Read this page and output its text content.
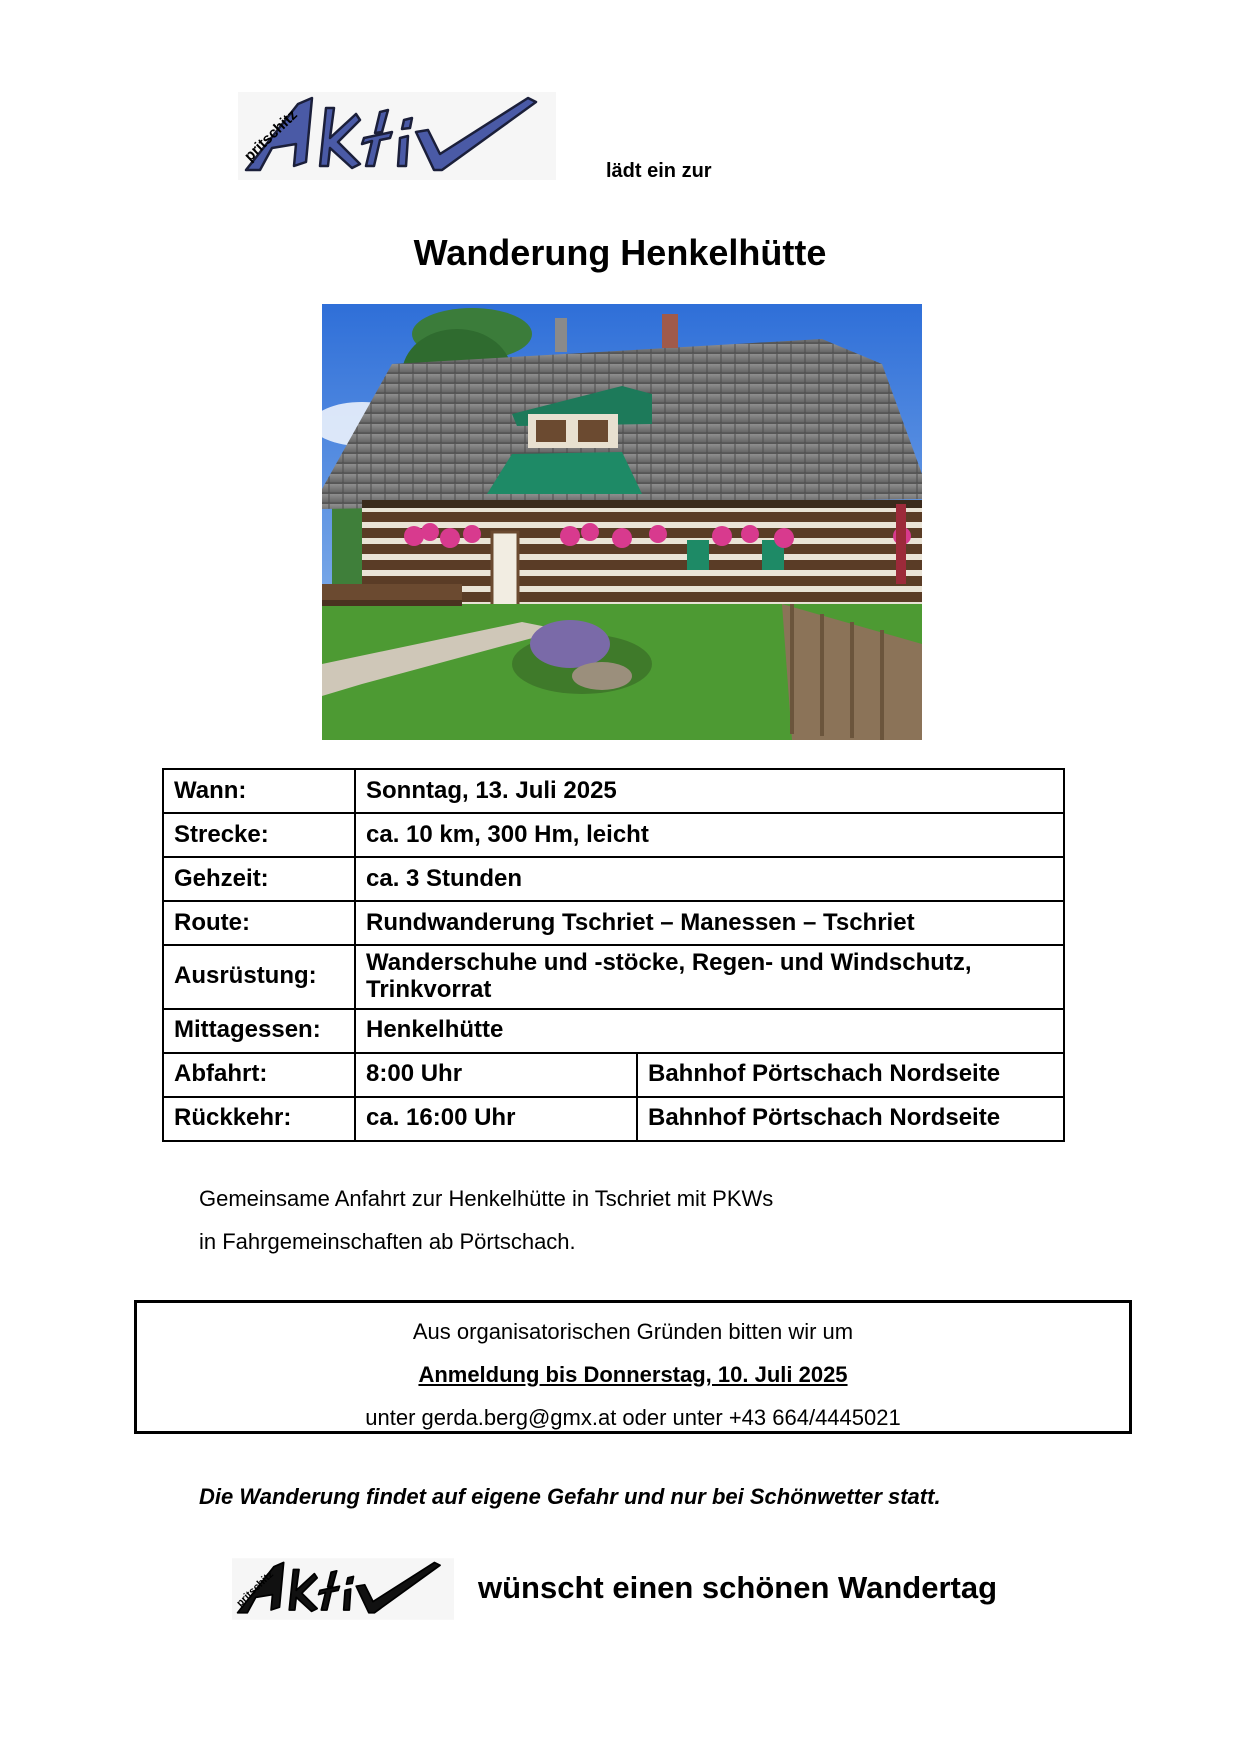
pritschitz
lädt ein zur
Wanderung Henkelhütte
Wann:	Sonntag, 13. Juli 2025	
Strecke:	ca. 10 km, 300 Hm, leicht	
Gehzeit:	ca. 3 Stunden	
Route:	Rundwanderung Tschriet – Manessen – Tschriet	
Ausrüstung:	Wanderschuhe und -stöcke, Regen- und Windschutz, Trinkvorrat	
Mittagessen:	Henkelhütte	
Abfahrt:	8:00 Uhr	Bahnhof Pörtschach Nordseite
Rückkehr:	ca. 16:00 Uhr	Bahnhof Pörtschach Nordseite
Gemeinsame Anfahrt zur Henkelhütte in Tschriet mit PKWs
in Fahrgemeinschaften ab Pörtschach.
Aus organisatorischen Gründen bitten wir um
Anmeldung bis Donnerstag, 10. Juli 2025
unter gerda.berg@gmx.at oder unter +43 664/4445021
Die Wanderung findet auf eigene Gefahr und nur bei Schönwetter statt.
pritschitz	wünscht einen schönen Wandertag
